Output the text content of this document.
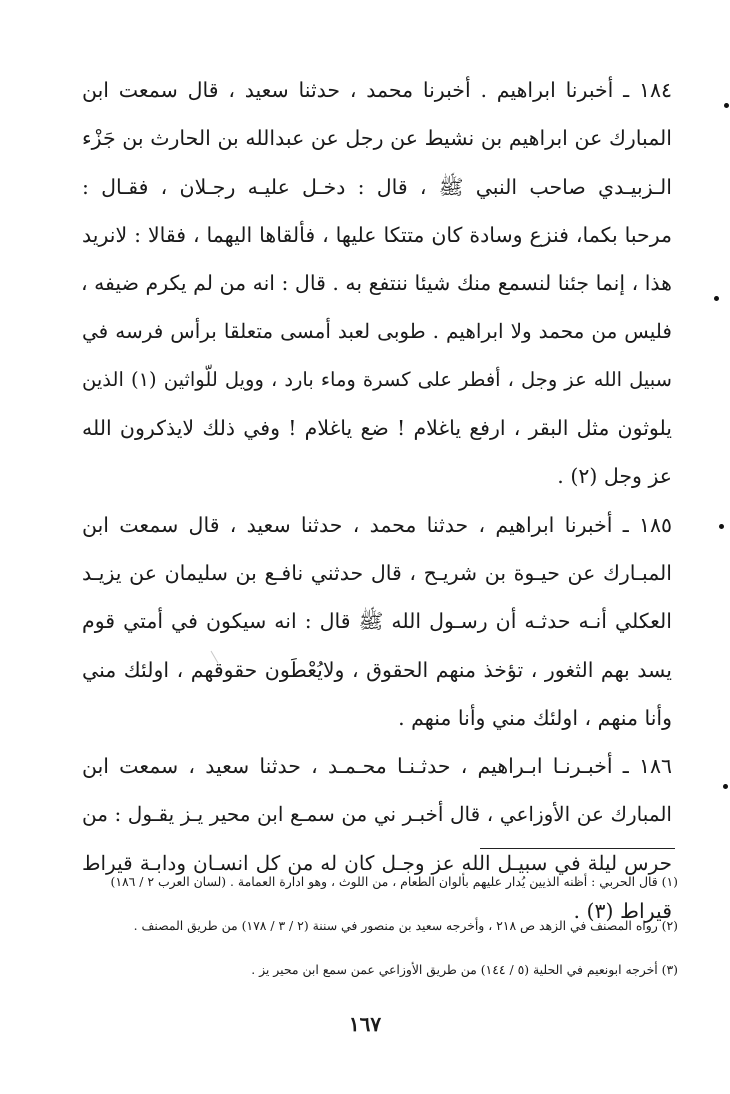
١٨٤ ـ أخبرنا ابراهيم . أخبرنا محمد ، حدثنا سعيد ، قال سمعت ابن
المبارك عن ابراهيم بن نشيط عن رجل عن عبدالله بن الحارث بن جَزْء
الـزبيـدي صاحب النبي ﷺ ، قال : دخـل عليـه رجـلان ، فقـال :
مرحبا بكما، فنزع وسادة كان متتكا عليها ، فألقاها اليهما ، فقالا : لانريد
هذا ، إنما جئنا لنسمع منك شيئا ننتفع به . قال : انه من لم يكرم ضيفه ،
فليس من محمد ولا ابراهيم . طوبى لعبد أمسى متعلقا برأس فرسه في
سبيل الله عز وجل ، أفطر على كسرة وماء بارد ، وويل للّواثين (١) الذين
يلوثون مثل البقر ، ارفع ياغلام ! ضع ياغلام ! وفي ذلك لايذكرون الله
عز وجل (٢) .
١٨٥ ـ أخبرنا ابراهيم ، حدثنا محمد ، حدثنا سعيد ، قال سمعت ابن
المبـارك عن حيـوة بن شريـح ، قال حدثني نافـع بن سليمان عن يزيـد
العكلي أنـه حدثـه أن رسـول الله ﷺ قال : انه سيكون في أمتي قوم
يسد بهم الثغور ، تؤخذ منهم الحقوق ، ولايُعْطَون حقوقهم ، اولئك مني
وأنا منهم ، اولئك مني وأنا منهم .
١٨٦ ـ أخبـرنـا ابـراهيم ، حدثـنـا محـمـد ، حدثنا سعيد ، سمعت ابن
المبارك عن الأوزاعي ، قال أخبـر ني من سمـع ابن محير يـز يقـول : من
حرس ليلة في سبيـل الله عز وجـل كان له من كل انسـان ودابـة قيراط
قيراط (٣) .
(١) قال الحربي : أظنه الذيين يُدار عليهم بألوان الطعام ، من اللوث ، وهو ادارة العمامة . (لسان العرب ٢ / ١٨٦)
(٢) رواه المصنف في الزهد ص ٢١٨ ، وأخرجه سعيد بن منصور في سننة (٢ / ٣ / ١٧٨) من طريق المصنف .
(٣) أخرجه ابونعيم في الحلية (٥ / ١٤٤) من طريق الأوزاعي عمن سمع ابن محير يز .
١٦٧
